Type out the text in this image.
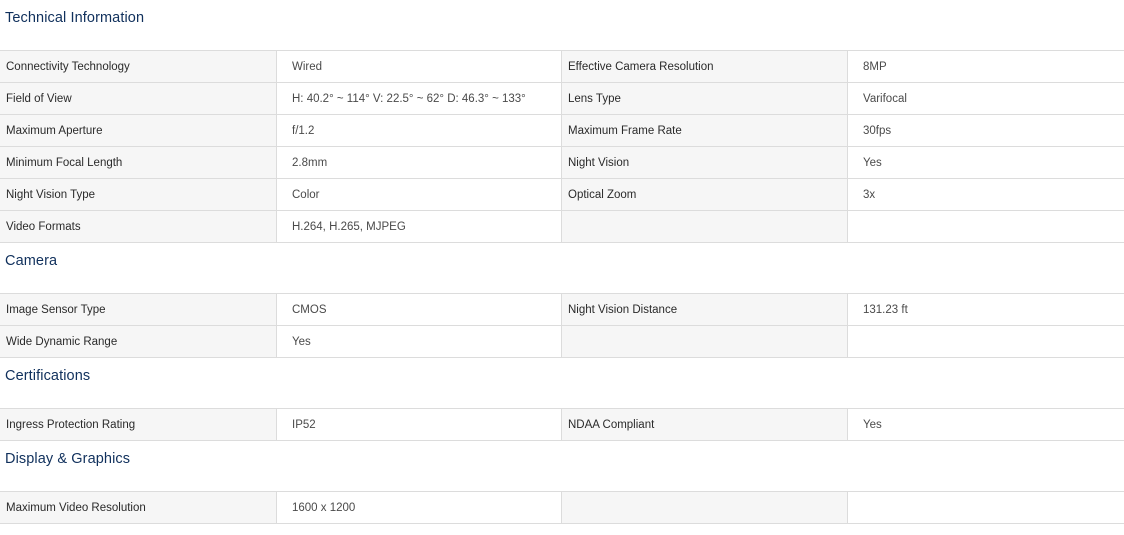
Technical Information
Connectivity Technology	Wired	Effective Camera Resolution	8MP
Field of View	H: 40.2° ~ 114° V: 22.5° ~ 62° D: 46.3° ~ 133°	Lens Type	Varifocal
Maximum Aperture	f/1.2	Maximum Frame Rate	30fps
Minimum Focal Length	2.8mm	Night Vision	Yes
Night Vision Type	Color	Optical Zoom	3x
Video Formats	H.264, H.265, MJPEG
Camera
Image Sensor Type	CMOS	Night Vision Distance	131.23 ft
Wide Dynamic Range	Yes
Certifications
Ingress Protection Rating	IP52	NDAA Compliant	Yes
Display & Graphics
Maximum Video Resolution	1600 x 1200
